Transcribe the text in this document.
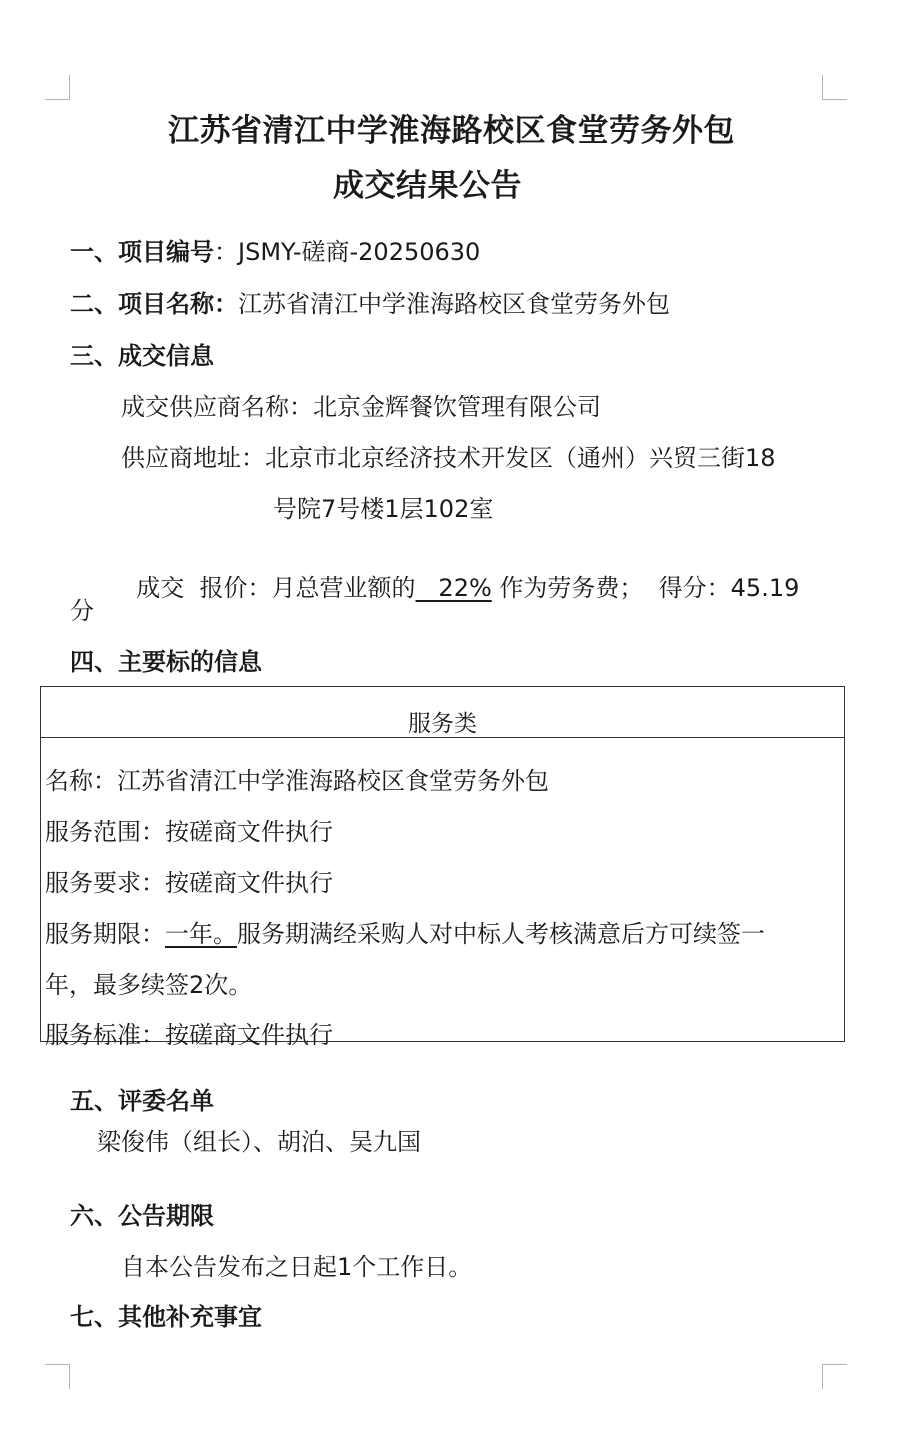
江苏省清江中学淮海路校区食堂劳务外包
成交结果公告
一、项目编号：JSMY-磋商-20250630
二、项目名称：江苏省清江中学淮海路校区食堂劳务外包
三、成交信息
成交供应商名称：北京金辉餐饮管理有限公司
供应商地址：北京市北京经济技术开发区（通州）兴贸三街18
号院7号楼1层102室

成交  报价：月总营业额的   22% 作为劳务费；  得分：45.19

分
四、主要标的信息
服务类
名称：江苏省清江中学淮海路校区食堂劳务外包
服务范围：按磋商文件执行
服务要求：按磋商文件执行
服务期限：一年。服务期满经采购人对中标人考核满意后方可续签一
年，最多续签2次。
服务标准：按磋商文件执行
五、评委名单
梁俊伟（组长）、胡泊、吴九国
六、公告期限
自本公告发布之日起1个工作日。
七、其他补充事宜
